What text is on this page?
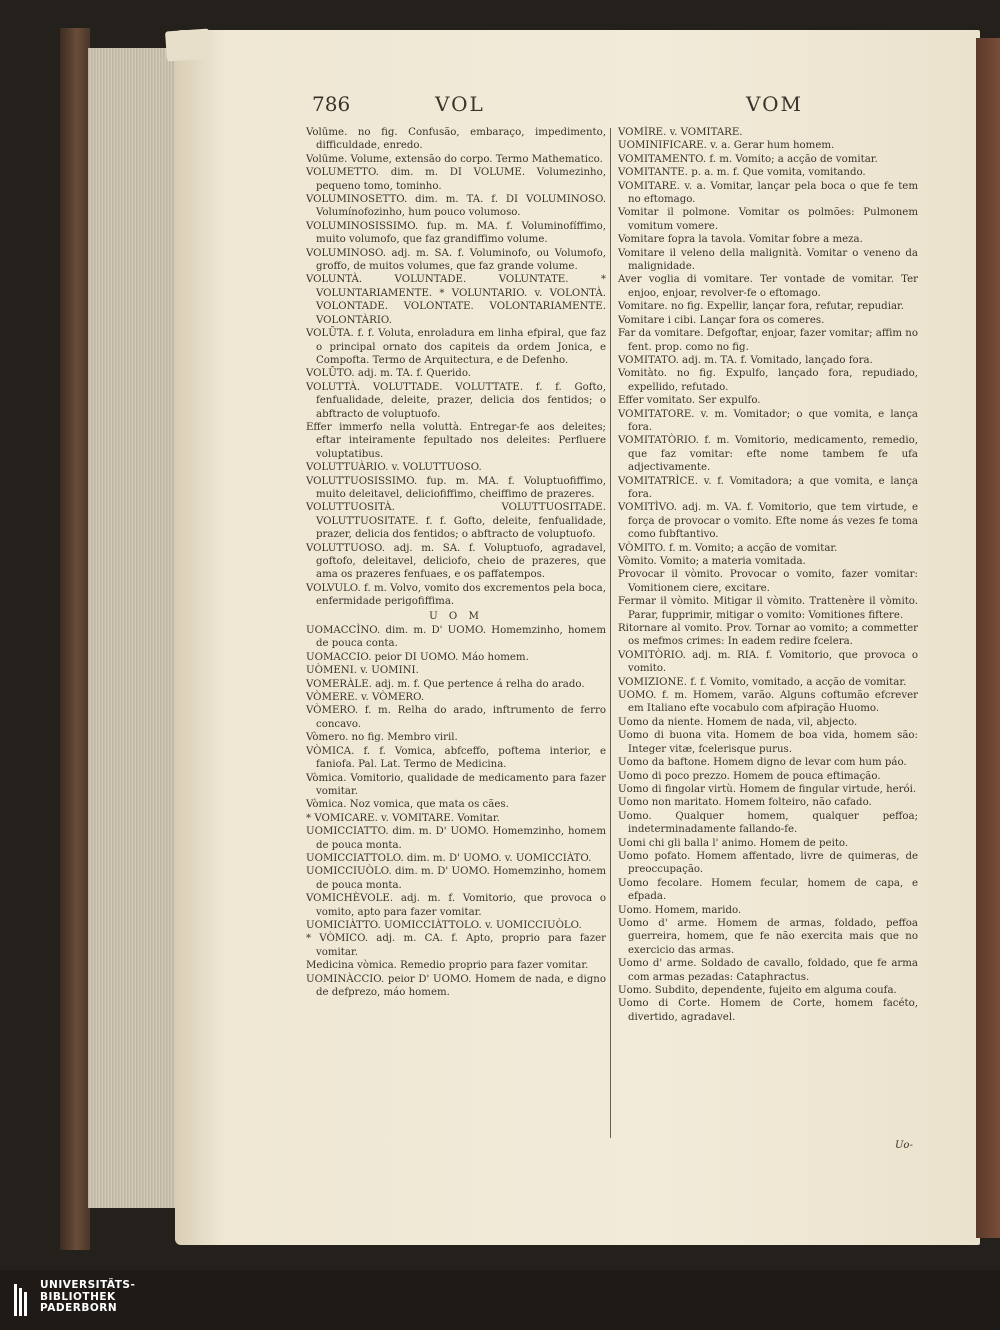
786	VOL	VOM

Volūme. no fig. Confusão, embaraço, impedimento, difficuldade, enredo.

Volūme. Volume, extensão do corpo. Termo Mathematico.

VOLUMETTO. dim. m. DI VOLUME. Volumezinho, pequeno tomo, tominho.

VOLUMINOSETTO. dim. m. TA. f. DI VOLUMINOSO. Volumínofozinho, hum pouco volumoso.

VOLUMINOSISSIMO. fup. m. MA. f. Voluminofíffimo, muito volumofo, que faz grandiffimo volume.

VOLUMINOSO. adj. m. SA. f. Voluminofo, ou Volumofo, groffo, de muitos volumes, que faz grande volume.

VOLUNTÀ. VOLUNTADE. VOLUNTATE. * VOLUNTARIAMENTE. * VOLUNTARIO. v. VOLONTÀ. VOLONTADE. VOLONTATE. VOLONTARIAMENTE. VOLONTÀRIO.

VOLŪTA. f. f. Voluta, enroladura em linha efpiral, que faz o principal ornato dos capiteis da ordem Jonica, e Compofta. Termo de Arquitectura, e de Defenho.

VOLŪTO. adj. m. TA. f. Querido.

VOLUTTÀ. VOLUTTADE. VOLUTTATE. f. f. Gofto, fenfualidade, deleite, prazer, delicia dos fentidos; o abftracto de voluptuofo.

Effer immerfo nella voluttà. Entregar-fe aos deleites; eftar inteiramente fepultado nos deleites: Perfluere voluptatibus.

VOLUTTUÀRIO. v. VOLUTTUOSO.

VOLUTTUOSISSIMO. fup. m. MA. f. Voluptuofiffimo, muito deleitavel, deliciofiffimo, cheiffimo de prazeres.

VOLUTTUOSITÀ. VOLUTTUOSITADE. VOLUTTUOSITATE. f. f. Gofto, deleite, fenfualidade, prazer, delicia dos fentidos; o abftracto de voluptuofo.

VOLUTTUOSO. adj. m. SA. f. Voluptuofo, agradavel, goftofo, deleitavel, deliciofo, cheio de prazeres, que ama os prazeres fenfuaes, e os paffatempos.

VOLVULO. f. m. Volvo, vomito dos excrementos pela boca, enfermidade perigofiffima.

U O M

UOMACCÌNO. dim. m. D' UOMO. Homemzinho, homem de pouca conta.

UOMACCIO. peior DI UOMO. Máo homem.

UÒMENI. v. UOMINI.

VOMERÀLE. adj. m. f. Que pertence á relha do arado.

VÒMERE. v. VÒMERO.

VÒMERO. f. m. Relha do arado, inftrumento de ferro concavo.

Vòmero. no fig. Membro viril.

VÒMICA. f. f. Vomica, abfceffo, poftema interior, e faniofa. Pal. Lat. Termo de Medicina.

Vòmica. Vomitorio, qualidade de medicamento para fazer vomitar.

Vòmica. Noz vomica, que mata os cães.

* VOMICARE. v. VOMITARE. Vomitar.

UOMICCIATTO. dim. m. D' UOMO. Homemzinho, homem de pouca monta.

UOMICCIATTOLO. dim. m. D' UOMO. v. UOMICCIÀTO.

UOMICCIUÒLO. dim. m. D' UOMO. Homemzinho, homem de pouca monta.

VOMICHÈVOLE. adj. m. f. Vomitorio, que provoca o vomito, apto para fazer vomitar.

UOMICIÀTTO. UOMICCIÀTTOLO. v. UOMICCIUÒLO.

* VÒMICO. adj. m. CA. f. Apto, proprio para fazer vomitar.

Medicina vòmica. Remedio proprio para fazer vomitar.

UOMINÀCCIO. peior D' UOMO. Homem de nada, e digno de defprezo, máo homem.

VOMÌRE. v. VOMITARE.

UOMINIFICARE. v. a. Gerar hum homem.

VOMITAMENTO. f. m. Vomito; a acção de vomitar.

VOMITANTE. p. a. m. f. Que vomita, vomitando.

VOMITARE. v. a. Vomitar, lançar pela boca o que fe tem no eftomago.

Vomitar il polmone. Vomitar os polmões: Pulmonem vomitum vomere.

Vomitare fopra la tavola. Vomitar fobre a meza.

Vomitare il veleno della malignità. Vomitar o veneno da malignidade.

Aver voglia di vomitare. Ter vontade de vomitar. Ter enjoo, enjoar, revolver-fe o eftomago.

Vomitare. no fig. Expellir, lançar fora, refutar, repudiar.

Vomitare i cibi. Lançar fora os comeres.

Far da vomitare. Defgoftar, enjoar, fazer vomitar; affim no fent. prop. como no fig.

VOMITATO. adj. m. TA. f. Vomitado, lançado fora.

Vomitàto. no fig. Expulfo, lançado fora, repudiado, expellido, refutado.

Effer vomitato. Ser expulfo.

VOMITATORE. v. m. Vomitador; o que vomita, e lança fora.

VOMITATÒRIO. f. m. Vomitorio, medicamento, remedio, que faz vomitar: efte nome tambem fe ufa adjectivamente.

VOMITATRÌCE. v. f. Vomitadora; a que vomita, e lança fora.

VOMITÌVO. adj. m. VA. f. Vomitorio, que tem virtude, e força de provocar o vomito. Efte nome ás vezes fe toma como fubftantivo.

VÒMITO. f. m. Vomito; a acção de vomitar.

Vòmito. Vomito; a materia vomitada.

Provocar il vòmito. Provocar o vomito, fazer vomitar: Vomitionem ciere, excitare.

Fermar il vòmito. Mitigar il vòmito. Trattenère il vòmito. Parar, fupprimir, mitigar o vomito: Vomitiones fiftere.

Ritornare al vomito. Prov. Tornar ao vomito; a commetter os mefmos crimes: In eadem redire fcelera.

VOMITÒRIO. adj. m. RIA. f. Vomitorio, que provoca o vomito.

VOMIZIONE. f. f. Vomito, vomitado, a acção de vomitar.

UOMO. f. m. Homem, varão. Alguns coftumão efcrever em Italiano efte vocabulo com afpiração Huomo.

Uomo da niente. Homem de nada, vil, abjecto.

Uomo di buona vita. Homem de boa vida, homem são: Integer vitæ, fcelerisque purus.

Uomo da baftone. Homem digno de levar com hum páo.

Uomo di poco prezzo. Homem de pouca eftimação.

Uomo di fingolar virtù. Homem de fingular virtude, herói.

Uomo non maritato. Homem folteiro, não cafado.

Uomo. Qualquer homem, qualquer peffoa; indeterminadamente fallando-fe.

Uomi chi gli balla l' animo. Homem de peito.

Uomo pofato. Homem affentado, livre de quimeras, de preoccupação.

Uomo fecolare. Homem fecular, homem de capa, e efpada.

Uomo. Homem, marido.

Uomo d' arme. Homem de armas, foldado, peffoa guerreira, homem, que fe não exercita mais que no exercicio das armas.

Uomo d' arme. Soldado de cavallo, foldado, que fe arma com armas pezadas: Cataphractus.

Uomo. Subdito, dependente, fujeito em alguma coufa.

Uomo di Corte. Homem de Corte, homem facéto, divertido, agradavel.

Uo-
UNIVERSITÄTS-
BIBLIOTHEK
PADERBORN
